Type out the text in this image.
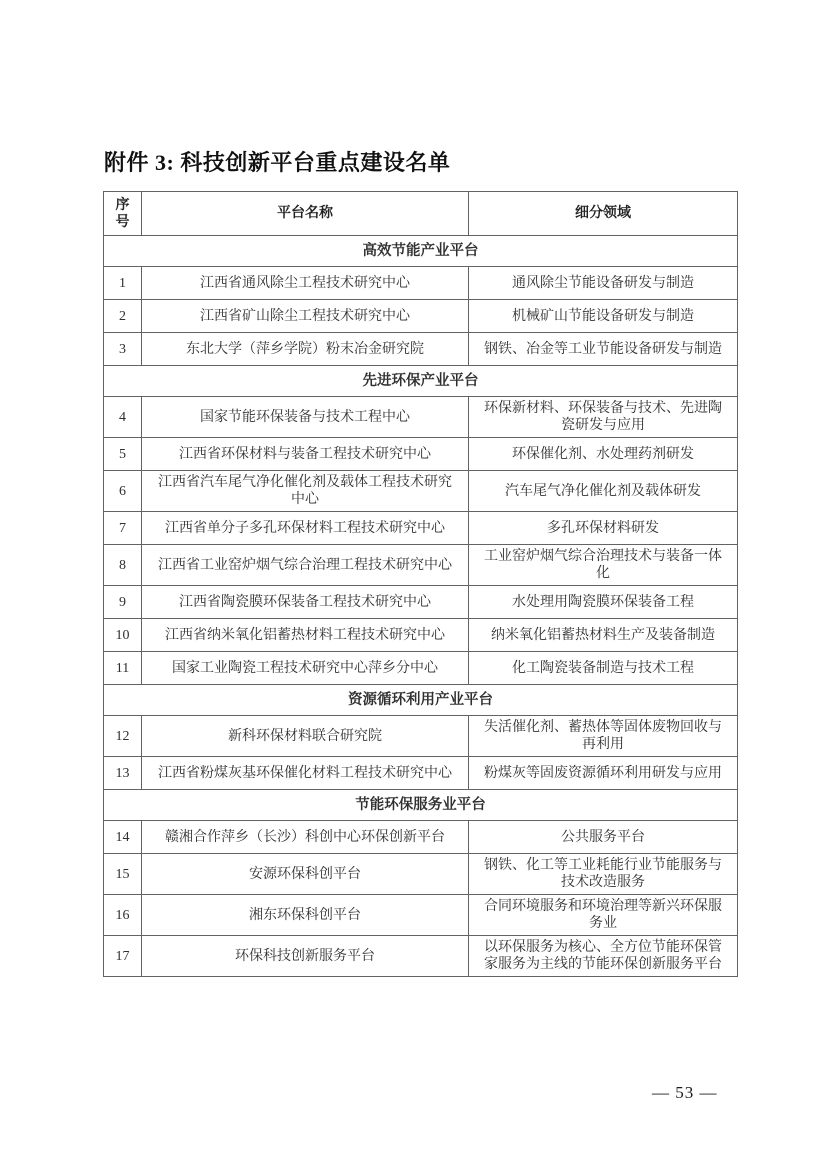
附件 3: 科技创新平台重点建设名单
序号	平台名称	细分领域
高效节能产业平台		
1	江西省通风除尘工程技术研究中心	通风除尘节能设备研发与制造
2	江西省矿山除尘工程技术研究中心	机械矿山节能设备研发与制造
3	东北大学（萍乡学院）粉末冶金研究院	钢铁、冶金等工业节能设备研发与制造
先进环保产业平台		
4	国家节能环保装备与技术工程中心	环保新材料、环保装备与技术、先进陶瓷研发与应用
5	江西省环保材料与装备工程技术研究中心	环保催化剂、水处理药剂研发
6	江西省汽车尾气净化催化剂及载体工程技术研究中心	汽车尾气净化催化剂及载体研发
7	江西省单分子多孔环保材料工程技术研究中心	多孔环保材料研发
8	江西省工业窑炉烟气综合治理工程技术研究中心	工业窑炉烟气综合治理技术与装备一体化
9	江西省陶瓷膜环保装备工程技术研究中心	水处理用陶瓷膜环保装备工程
10	江西省纳米氧化铝蓄热材料工程技术研究中心	纳米氧化铝蓄热材料生产及装备制造
11	国家工业陶瓷工程技术研究中心萍乡分中心	化工陶瓷装备制造与技术工程
资源循环利用产业平台		
12	新科环保材料联合研究院	失活催化剂、蓄热体等固体废物回收与再利用
13	江西省粉煤灰基环保催化材料工程技术研究中心	粉煤灰等固废资源循环利用研发与应用
节能环保服务业平台		
14	赣湘合作萍乡（长沙）科创中心环保创新平台	公共服务平台
15	安源环保科创平台	钢铁、化工等工业耗能行业节能服务与技术改造服务
16	湘东环保科创平台	合同环境服务和环境治理等新兴环保服务业
17	环保科技创新服务平台	以环保服务为核心、全方位节能环保管家服务为主线的节能环保创新服务平台
— 53 —
